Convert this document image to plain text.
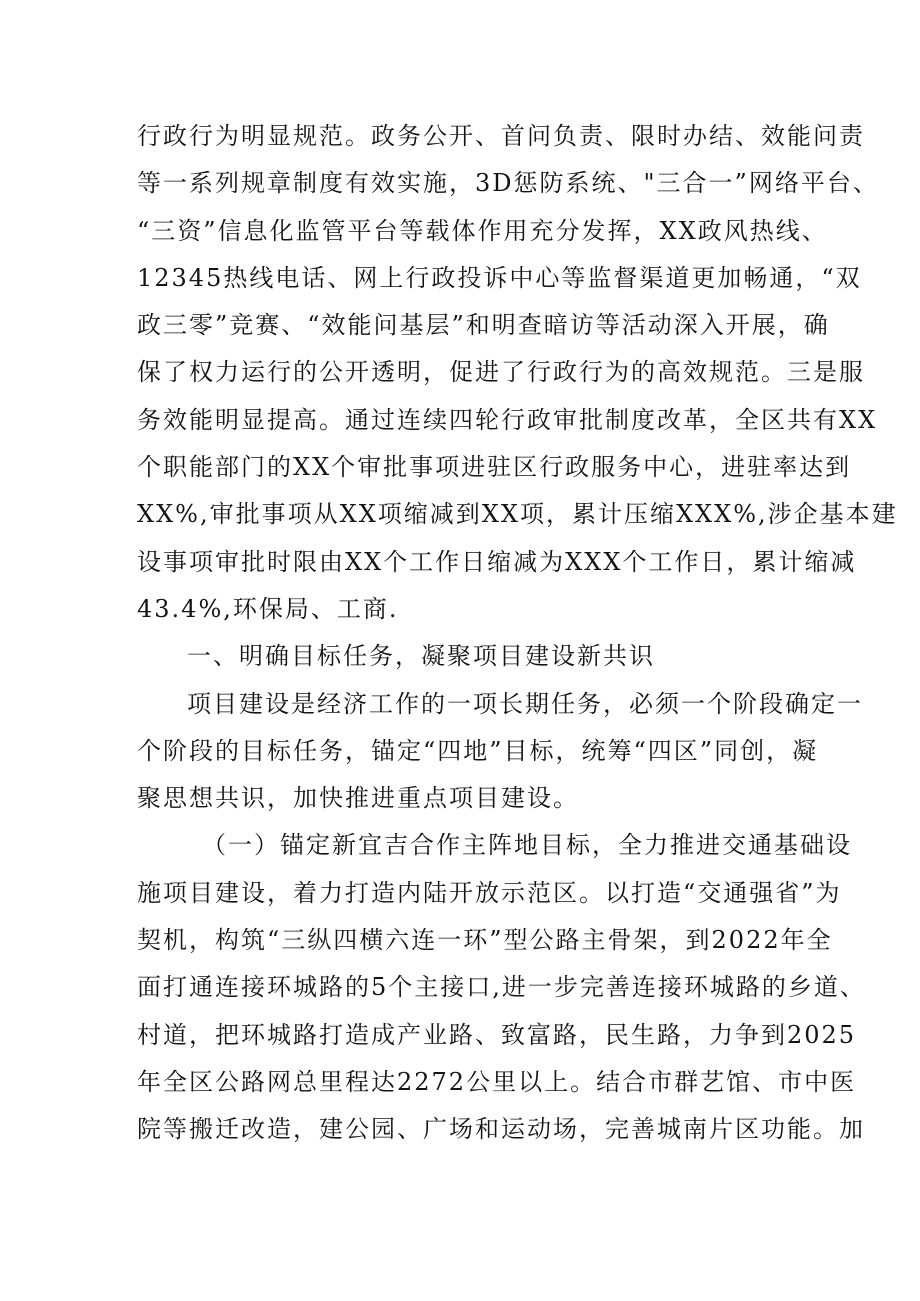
行政行为明显规范。政务公开、首问负责、限时办结、效能问责
等一系列规章制度有效实施，3D惩防系统、"三合一”网络平台、
“三资”信息化监管平台等载体作用充分发挥，XX政风热线、
12345热线电话、网上行政投诉中心等监督渠道更加畅通，“双
政三零”竞赛、“效能问基层”和明查暗访等活动深入开展，确
保了权力运行的公开透明，促进了行政行为的高效规范。三是服
务效能明显提高。通过连续四轮行政审批制度改革，全区共有XX
个职能部门的XX个审批事项进驻区行政服务中心，进驻率达到
XX%,审批事项从XX项缩减到XX项，累计压缩XXX%,涉企基本建
设事项审批时限由XX个工作日缩减为XXX个工作日，累计缩减
43.4%,环保局、工商.
一、明确目标任务，凝聚项目建设新共识
项目建设是经济工作的一项长期任务，必须一个阶段确定一
个阶段的目标任务，锚定“四地”目标，统筹“四区”同创，凝
聚思想共识，加快推进重点项目建设。
（一）锚定新宜吉合作主阵地目标，全力推进交通基础设
施项目建设，着力打造内陆开放示范区。以打造“交通强省”为
契机，构筑“三纵四横六连一环”型公路主骨架，到2022年全
面打通连接环城路的5个主接口,进一步完善连接环城路的乡道、
村道，把环城路打造成产业路、致富路，民生路，力争到2025
年全区公路网总里程达2272公里以上。结合市群艺馆、市中医
院等搬迁改造，建公园、广场和运动场，完善城南片区功能。加
